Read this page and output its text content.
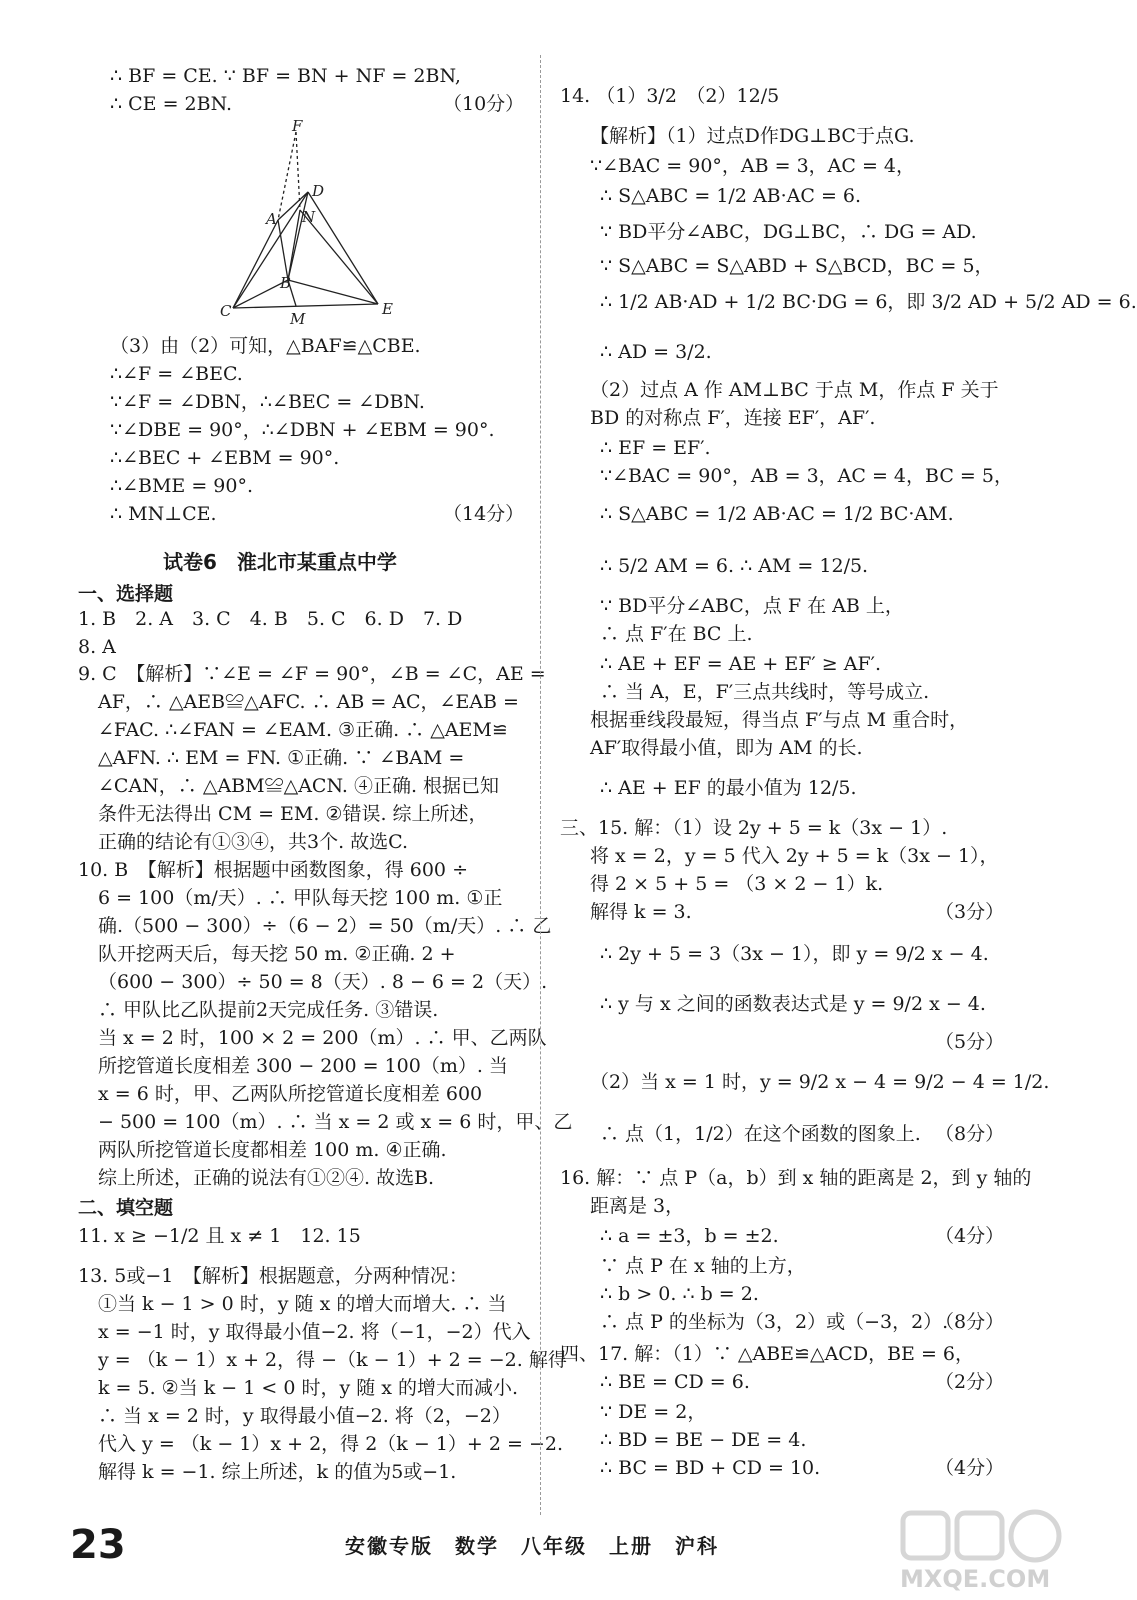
∴ BF = CE. ∵ BF = BN + NF = 2BN,
∴ CE = 2BN.	（10分）
（3）由（2）可知，△BAF≌△CBE.
∴∠F = ∠BEC.
∵∠F = ∠DBN，∴∠BEC = ∠DBN.
∵∠DBE = 90°，∴∠DBN + ∠EBM = 90°.
∴∠BEC + ∠EBM = 90°.
∴∠BME = 90°.
∴ MN⊥CE.	（14分）
试卷6　淮北市某重点中学
一、选择题
1. B　2. A　3. C　4. B　5. C　6. D　7. D
8. A
9. C　【解析】∵∠E = ∠F = 90°，∠B = ∠C，AE =
AF，∴ △AEB≌△AFC. ∴ AB = AC，∠EAB =
∠FAC. ∴∠FAN = ∠EAM. ③正确. ∴ △AEM≌
△AFN. ∴ EM = FN. ①正确. ∵ ∠BAM =
∠CAN，∴ △ABM≌△ACN. ④正确. 根据已知
条件无法得出 CM = EM. ②错误. 综上所述，
正确的结论有①③④，共3个. 故选C.
10. B　【解析】根据题中函数图象，得 600 ÷
6 = 100（m/天）. ∴ 甲队每天挖 100 m. ①正
确.（500 − 300）÷（6 − 2）= 50（m/天）. ∴ 乙
队开挖两天后，每天挖 50 m. ②正确. 2 +
（600 − 300）÷ 50 = 8（天）. 8 − 6 = 2（天）.
∴ 甲队比乙队提前2天完成任务. ③错误.
当 x = 2 时，100 × 2 = 200（m）. ∴ 甲、乙两队
所挖管道长度相差 300 − 200 = 100（m）. 当
x = 6 时，甲、乙两队所挖管道长度相差 600
− 500 = 100（m）. ∴ 当 x = 2 或 x = 6 时，甲、乙
两队所挖管道长度都相差 100 m. ④正确.
综上所述，正确的说法有①②④. 故选B.
二、填空题
11. x ≥ −1/2 且 x ≠ 1　12. 15
13. 5或−1　【解析】根据题意，分两种情况：
①当 k − 1 > 0 时，y 随 x 的增大而增大. ∴ 当
x = −1 时，y 取得最小值−2. 将（−1，−2）代入
y = （k − 1）x + 2，得 −（k − 1）+ 2 = −2. 解得
k = 5. ②当 k − 1 < 0 时，y 随 x 的增大而减小.
∴ 当 x = 2 时，y 取得最小值−2. 将（2，−2）
代入 y = （k − 1）x + 2，得 2（k − 1）+ 2 = −2.
解得 k = −1. 综上所述，k 的值为5或−1.
F
A
D
N
B
C	E
M
14. （1）3/2　（2）12/5
【解析】（1）过点D作DG⊥BC于点G.
∵∠BAC = 90°，AB = 3，AC = 4，
∴ S△ABC = 1/2 AB·AC = 6.
∵ BD平分∠ABC，DG⊥BC，∴ DG = AD.
∵ S△ABC = S△ABD + S△BCD，BC = 5，
∴ 1/2 AB·AD + 1/2 BC·DG = 6，即 3/2 AD + 5/2 AD = 6.
∴ AD = 3/2.
（2）过点 A 作 AM⊥BC 于点 M，作点 F 关于
BD 的对称点 F′，连接 EF′，AF′.
∴ EF = EF′.
∵∠BAC = 90°，AB = 3，AC = 4，BC = 5，
∴ S△ABC = 1/2 AB·AC = 1/2 BC·AM.
∴ 5/2 AM = 6. ∴ AM = 12/5.
∵ BD平分∠ABC，点 F 在 AB 上，
∴ 点 F′在 BC 上.
∴ AE + EF = AE + EF′ ≥ AF′.
∴ 当 A，E，F′三点共线时，等号成立.
根据垂线段最短，得当点 F′与点 M 重合时，
AF′取得最小值，即为 AM 的长.
∴ AE + EF 的最小值为 12/5.
三、15. 解：（1）设 2y + 5 = k（3x − 1）.
将 x = 2，y = 5 代入 2y + 5 = k（3x − 1），
得 2 × 5 + 5 = （3 × 2 − 1）k.
解得 k = 3.	（3分）
∴ 2y + 5 = 3（3x − 1），即 y = 9/2 x − 4.
∴ y 与 x 之间的函数表达式是 y = 9/2 x − 4.
（5分）
（2）当 x = 1 时，y = 9/2 x − 4 = 9/2 − 4 = 1/2.
∴ 点（1，1/2）在这个函数的图象上. （8分）
16. 解：∵ 点 P（a，b）到 x 轴的距离是 2，到 y 轴的
距离是 3，
∴ a = ±3，b = ±2.	（4分）
∵ 点 P 在 x 轴的上方，
∴ b > 0. ∴ b = 2.
∴ 点 P 的坐标为（3，2）或（−3，2）.
（8分）
四、17. 解：（1）∵ △ABE≌△ACD，BE = 6，
∴ BE = CD = 6.	（2分）
∵ DE = 2，
∴ BD = BE − DE = 4.
∴ BC = BD + CD = 10.	（4分）
23	安徽专版　数学　八年级　上册　沪科
MXQE.COM
